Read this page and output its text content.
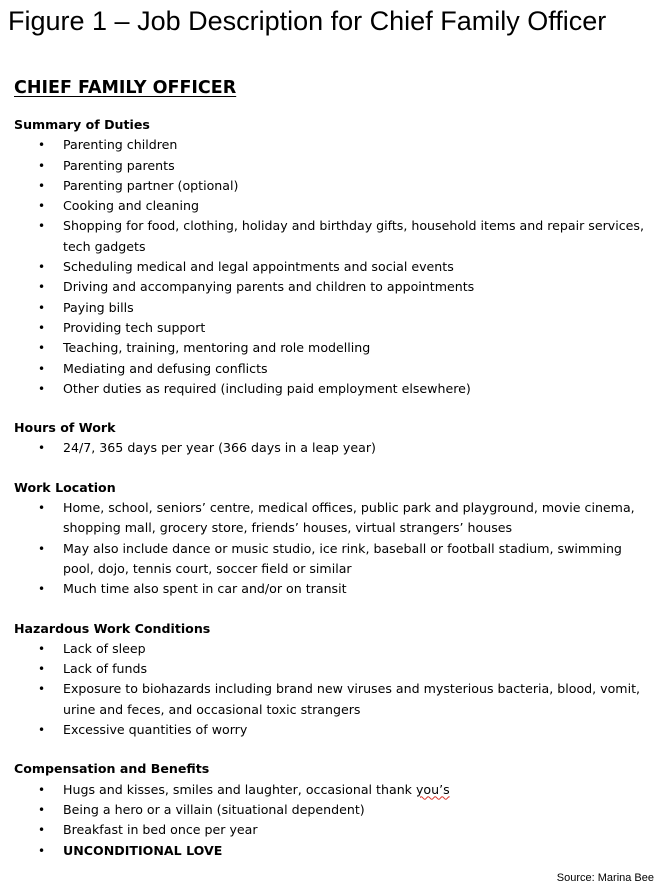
Figure 1 – Job Description for Chief Family Officer
CHIEF FAMILY OFFICER
Summary of Duties
• Parenting children
• Parenting parents
• Parenting partner (optional)
• Cooking and cleaning
• Shopping for food, clothing, holiday and birthday gifts, household items and repair services, tech gadgets
• Scheduling medical and legal appointments and social events
• Driving and accompanying parents and children to appointments
• Paying bills
• Providing tech support
• Teaching, training, mentoring and role modelling
• Mediating and defusing conflicts
• Other duties as required (including paid employment elsewhere)
Hours of Work
• 24/7, 365 days per year (366 days in a leap year)
Work Location
• Home, school, seniors’ centre, medical offices, public park and playground, movie cinema, shopping mall, grocery store, friends’ houses, virtual strangers’ houses
• May also include dance or music studio, ice rink, baseball or football stadium, swimming pool, dojo, tennis court, soccer field or similar
• Much time also spent in car and/or on transit
Hazardous Work Conditions
• Lack of sleep
• Lack of funds
• Exposure to biohazards including brand new viruses and mysterious bacteria, blood, vomit, urine and feces, and occasional toxic strangers
• Excessive quantities of worry
Compensation and Benefits
• Hugs and kisses, smiles and laughter, occasional thank you’s
• Being a hero or a villain (situational dependent)
• Breakfast in bed once per year
• UNCONDITIONAL LOVE
Source: Marina Bee
